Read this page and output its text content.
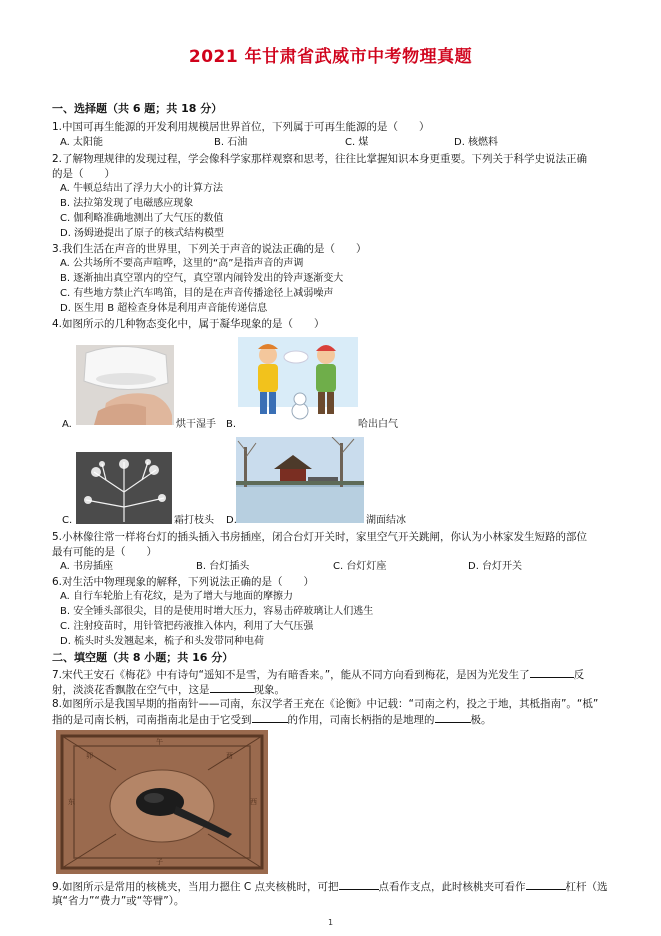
2021 年甘肃省武威市中考物理真题
一、选择题（共 6 题；共 18 分）
1.中国可再生能源的开发利用规模居世界首位，下列属于可再生能源的是（　　）
A. 太阳能	B. 石油	C. 煤	D. 核燃料
2.了解物理规律的发现过程，学会像科学家那样观察和思考，往往比掌握知识本身更重要。下列关于科学史说法正确
的是（　　）
A. 牛顿总结出了浮力大小的计算方法
B. 法拉第发现了电磁感应现象
C. 伽利略准确地测出了大气压的数值
D. 汤姆逊提出了原子的核式结构模型
3.我们生活在声音的世界里，下列关于声音的说法正确的是（　　）
A. 公共场所不要高声喧哗，这里的“高”是指声音的声调
B. 逐渐抽出真空罩内的空气，真空罩内闹铃发出的铃声逐渐变大
C. 有些地方禁止汽车鸣笛，目的是在声音传播途径上减弱噪声
D. 医生用 B 超检查身体是利用声音能传递信息
4.如图所示的几种物态变化中，属于凝华现象的是（　　）
A.	烘干湿手 B.	哈出白气
C.	霜打枝头 D.	湖面结冰
5.小林像往常一样将台灯的插头插入书房插座，闭合台灯开关时，家里空气开关跳闸，你认为小林家发生短路的部位
最有可能的是（　　）
A. 书房插座	B. 台灯插头	C. 台灯灯座	D. 台灯开关
6.对生活中物理现象的解释，下列说法正确的是（　　）
A. 自行车轮胎上有花纹，是为了增大与地面的摩擦力
B. 安全锤头部很尖，目的是使用时增大压力，容易击碎玻璃让人们逃生
C. 注射疫苗时，用针管把药液推入体内，利用了大气压强
D. 梳头时头发翘起来，梳子和头发带同种电荷
二、填空题（共 8 小题；共 16 分）
7.宋代王安石《梅花》中有诗句“遥知不是雪，为有暗香来。”，能从不同方向看到梅花，是因为光发生了	反
射，淡淡花香飘散在空气中，这是	现象。
8.如图所示是我国早期的指南针——司南，东汉学者王充在《论衡》中记载：“司南之杓，投之于地，其柢指南”。“柢”
指的是司南长柄，司南指南北是由于它受到	的作用，司南长柄指的是地理的	极。
卯
午
酉
东	西
子
9.如图所示是常用的核桃夹，当用力摁住 C 点夹核桃时，可把	点看作支点，此时核桃夹可看作	杠杆（选
填“省力”“费力”或“等臂”）。
1
